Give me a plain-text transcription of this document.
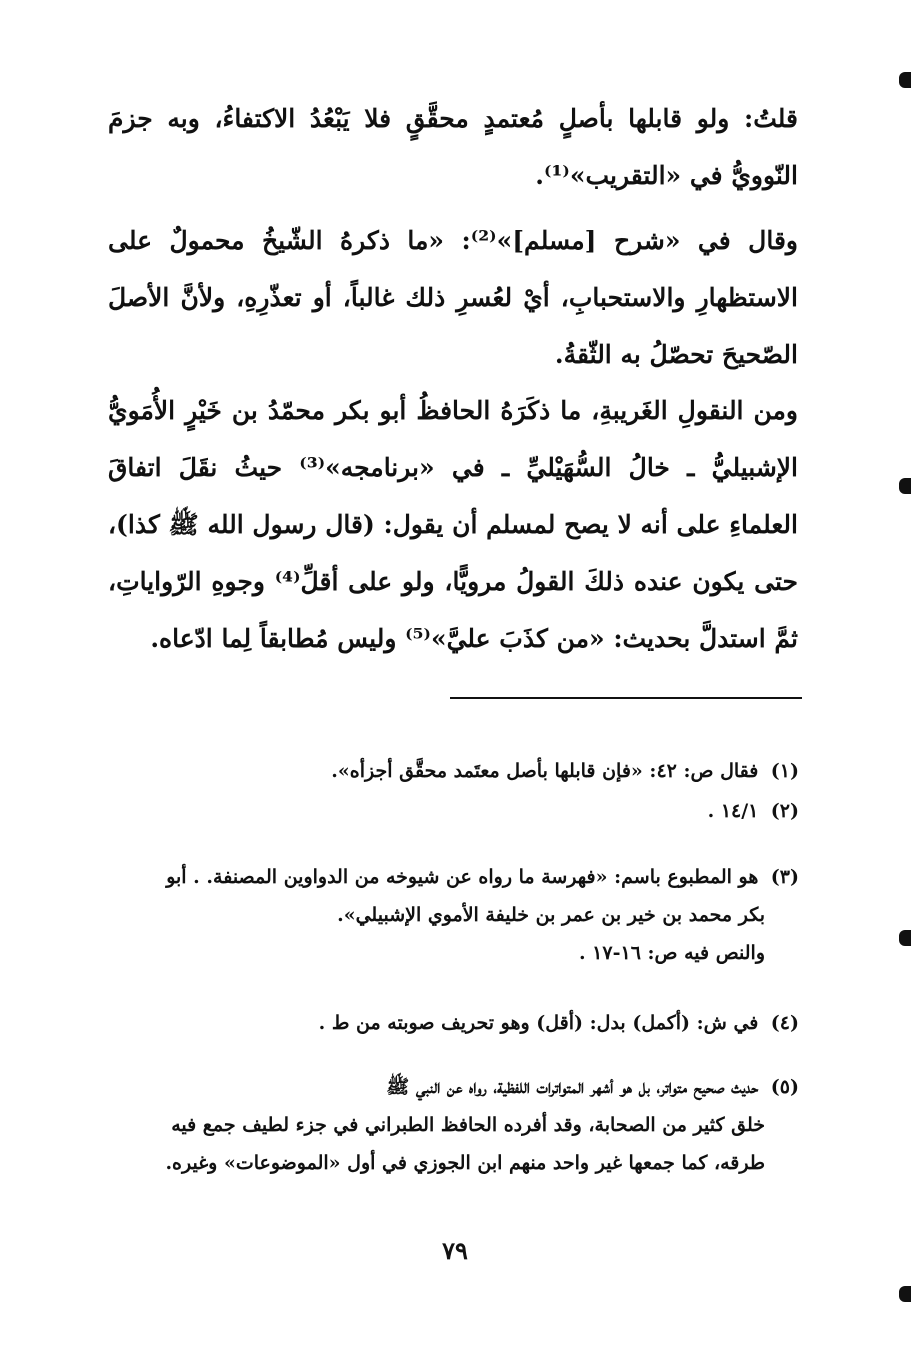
قلتُ: ولو قابلها بأصلٍ مُعتمدٍ محقَّقٍ فلا يَبْعُدُ الاكتفاءُ، وبه جزمَ النّوويُّ في «التقريب»⁽¹⁾.
وقال في «شرح [مسلم]»⁽²⁾: «ما ذكرهُ الشّيخُ محمولٌ على الاستظهارِ والاستحبابِ، أيْ لعُسرِ ذلك غالباً، أو تعذّرِهِ، ولأنَّ الأصلَ الصّحيحَ تحصّلُ به الثّقةُ.
ومن النقولِ الغَريبةِ، ما ذكَرَهُ الحافظُ أبو بكر محمّدُ بن خَيْرٍ الأُمَويُّ الإشبيليُّ ـ خالُ السُّهَيْليِّ ـ في «برنامجه»⁽³⁾ حيثُ نقَلَ اتفاقَ العلماءِ على أنه لا يصح لمسلم أن يقول: (قال رسول الله ﷺ كذا)، حتى يكون عنده ذلكَ القولُ مرويًّا، ولو على أقلِّ⁽⁴⁾ وجوهِ الرّواياتِ، ثمَّ استدلَّ بحديث: «من كذَبَ عليَّ»⁽⁵⁾ وليس مُطابقاً لِما ادّعاه.
(١) فقال ص: ٤٢: «فإن قابلها بأصل معتَمد محقَّق أجزأه».
(٢) ١٤/١ .
(٣) هو المطبوع باسم: «فهرسة ما رواه عن شيوخه من الدواوين المصنفة. . أبو
بكر محمد بن خير بن عمر بن خليفة الأموي الإشبيلي».
والنص فيه ص: ١٦-١٧ .
(٤) في ش: (أكمل) بدل: (أقل) وهو تحريف صوبته من ط .
(٥) حديث صحيح متواتر، بل هو أشهر المتواترات اللفظية، رواه عن النبي ﷺ
خلق كثير من الصحابة، وقد أفرده الحافظ الطبراني في جزء لطيف جمع فيه
طرقه، كما جمعها غير واحد منهم ابن الجوزي في أول «الموضوعات» وغيره.
٧٩
